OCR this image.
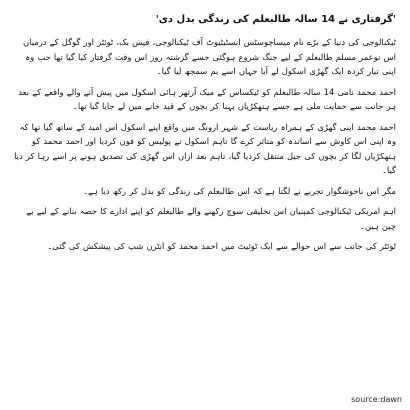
'گرفتاری نے 14 سالہ طالبعلم کی زندگی بدل دی'

ٹیکنالوجی کی دنیا کے بڑے نام میساچوسٹس انسٹیٹیوٹ آف ٹیکنالوجی، فیس بک، ٹوئٹر اور گوگل کے درمیان اس نوعمر مسلم طالبعلم کے لیے جنگ شروع ہوگئی جسے گزشتہ روز اس وقت گرفتار کیا گیا تھا جب وہ اپنی تیار کردہ ایک گھڑی اسکول لے آیا جہاں اسے بم سمجھ لیا گیا۔

احمد محمد نامی 14 سالہ طالبعلم کو ٹیکساس کے میک آرتھر ہائی اسکول میں پیش آنے والے واقعے کے بعد ہر جانب سے حمایت ملی ہے جسے ہتھکڑیاں پہنا کر بچوں کے قید خانے میں لے جایا گیا تھا۔

احمد محمد اپنی گھڑی کے ہمراہ ریاست کے شہر ارونگ میں واقع اپنے اسکول اس امید کے ساتھ گیا تھا کہ وہ اپنی اس کاوش سے اساتذہ کو متاثر کرے گا تاہم اسکول نے پولیس کو فون کردیا اور احمد محمد کو ہتھکڑیاں لگا کر بچوں کی جیل منتقل کردیا گیا، تاہم بعد ازاں اس گھڑی کی تصدیق ہونے پر اسے رہا کر دیا گیا۔

مگر اس ناخوشگوار تجربے نے لگتا ہے کہ اس طالبعلم کی زندگی کو بدل کر رکھ دیا ہے۔

اہم امریکی ٹیکنالوجی کمپنیاں اس تخلیقی سوچ رکھنے والے طالبعلم کو اپنے ادارے کا حصہ بنانے کے لیے بے چین ہیں۔

ٹوئٹر کی جانب سے اس حوالے سے ایک ٹوئیٹ میں احمد محمد کو انٹرن شپ کی پیشکش کی گئی۔

source:dawn
